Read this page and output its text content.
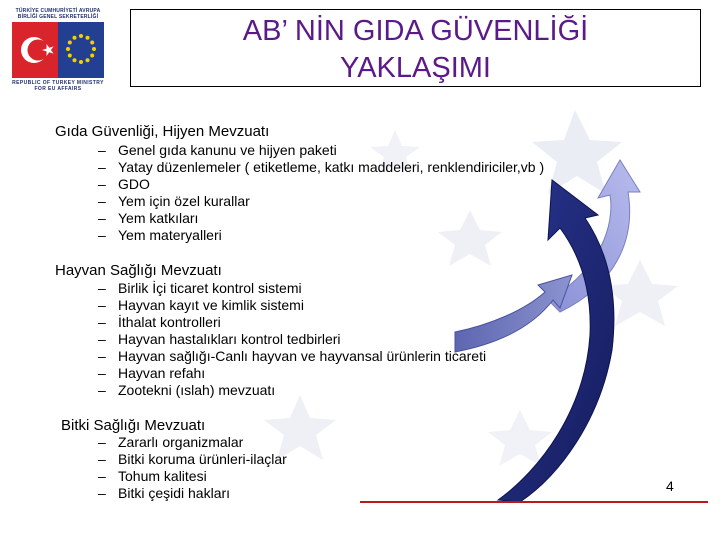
TÜRKİYE CUMHURİYETİ AVRUPA BİRLİĞİ GENEL SEKRETERLİĞİ
REPUBLIC OF TURKEY MINISTRY FOR EU AFFAIRS
AB’ NİN GIDA GÜVENLİĞİ
YAKLAŞIMI
Gıda Güvenliği, Hijyen Mevzuatı
– Genel gıda kanunu ve hijyen paketi
– Yatay düzenlemeler ( etiketleme, katkı maddeleri, renklendiriciler,vb )
– GDO
– Yem için özel kurallar
– Yem katkıları
– Yem materyalleri
Hayvan Sağlığı Mevzuatı
– Birlik İçi ticaret kontrol sistemi
– Hayvan kayıt ve kimlik sistemi
– İthalat kontrolleri
– Hayvan hastalıkları kontrol tedbirleri
– Hayvan sağlığı-Canlı hayvan ve hayvansal ürünlerin ticareti
– Hayvan refahı
– Zootekni (ıslah) mevzuatı
Bitki Sağlığı Mevzuatı
– Zararlı organizmalar
– Bitki koruma ürünleri-ilaçlar
– Tohum kalitesi
– Bitki çeşidi hakları	4
